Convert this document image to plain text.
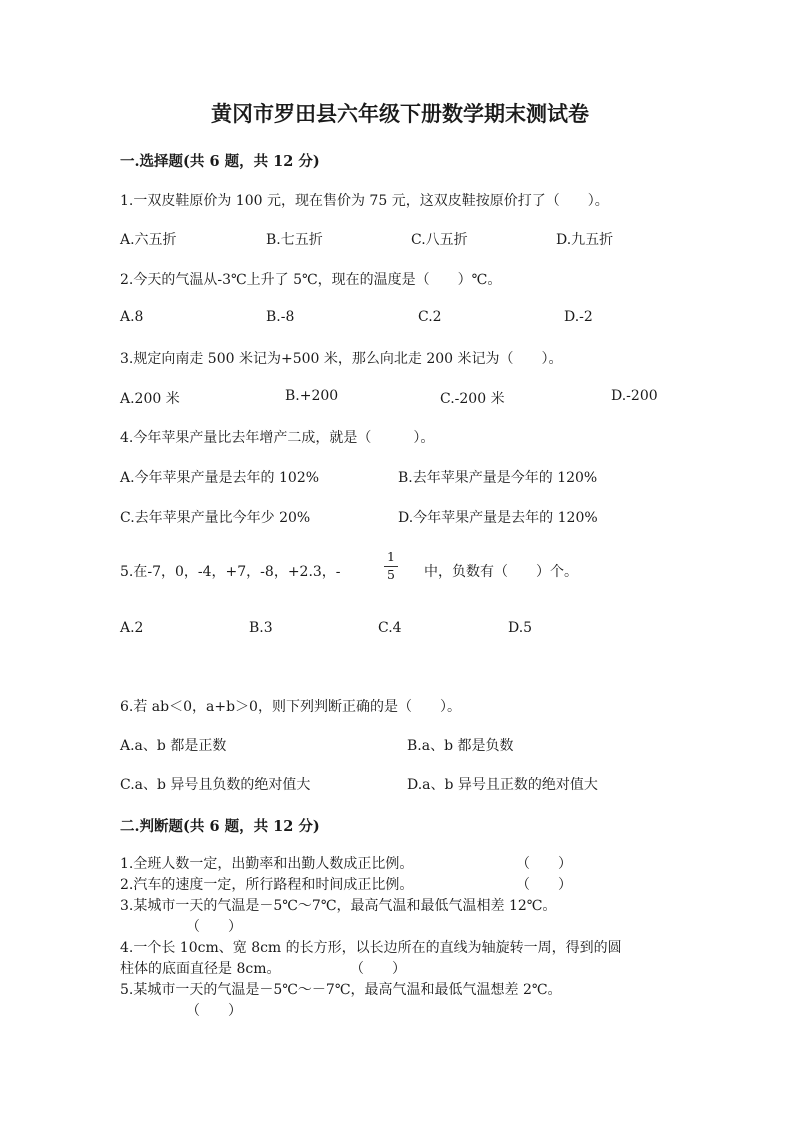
黄冈市罗田县六年级下册数学期末测试卷
一.选择题(共 6 题，共 12 分)
1.一双皮鞋原价为 100 元，现在售价为 75 元，这双皮鞋按原价打了（　　）。
A.六五折	B.七五折	C.八五折	D.九五折
2.今天的气温从-3℃上升了 5℃，现在的温度是（　　）℃。
A.8	B.-8	C.2	D.-2
3.规定向南走 500 米记为+500 米，那么向北走 200 米记为（　　）。
A.200 米	B.+200	C.-200 米	D.-200
4.今年苹果产量比去年增产二成，就是（　　　）。
A.今年苹果产量是去年的 102%	B.去年苹果产量是今年的 120%
C.去年苹果产量比今年少 20%	D.今年苹果产量是去年的 120%
5.在-7，0，-4，+7，-8，+2.3，-
1
5 中，负数有（　　）个。
A.2	B.3	C.4	D.5
6.若 ab＜0，a+b＞0，则下列判断正确的是（　　）。
A.a、b 都是正数	B.a、b 都是负数
C.a、b 异号且负数的绝对值大	D.a、b 异号且正数的绝对值大
二.判断题(共 6 题，共 12 分)
1.全班人数一定，出勤率和出勤人数成正比例。	（　　）
2.汽车的速度一定，所行路程和时间成正比例。	（　　）
3.某城市一天的气温是－5℃～7℃，最高气温和最低气温相差 12℃。
（　　）
4.一个长 10cm、宽 8cm 的长方形，以长边所在的直线为轴旋转一周，得到的圆
柱体的底面直径是 8cm。	（　　）
5.某城市一天的气温是－5℃～－7℃，最高气温和最低气温想差 2℃。
（　　）
